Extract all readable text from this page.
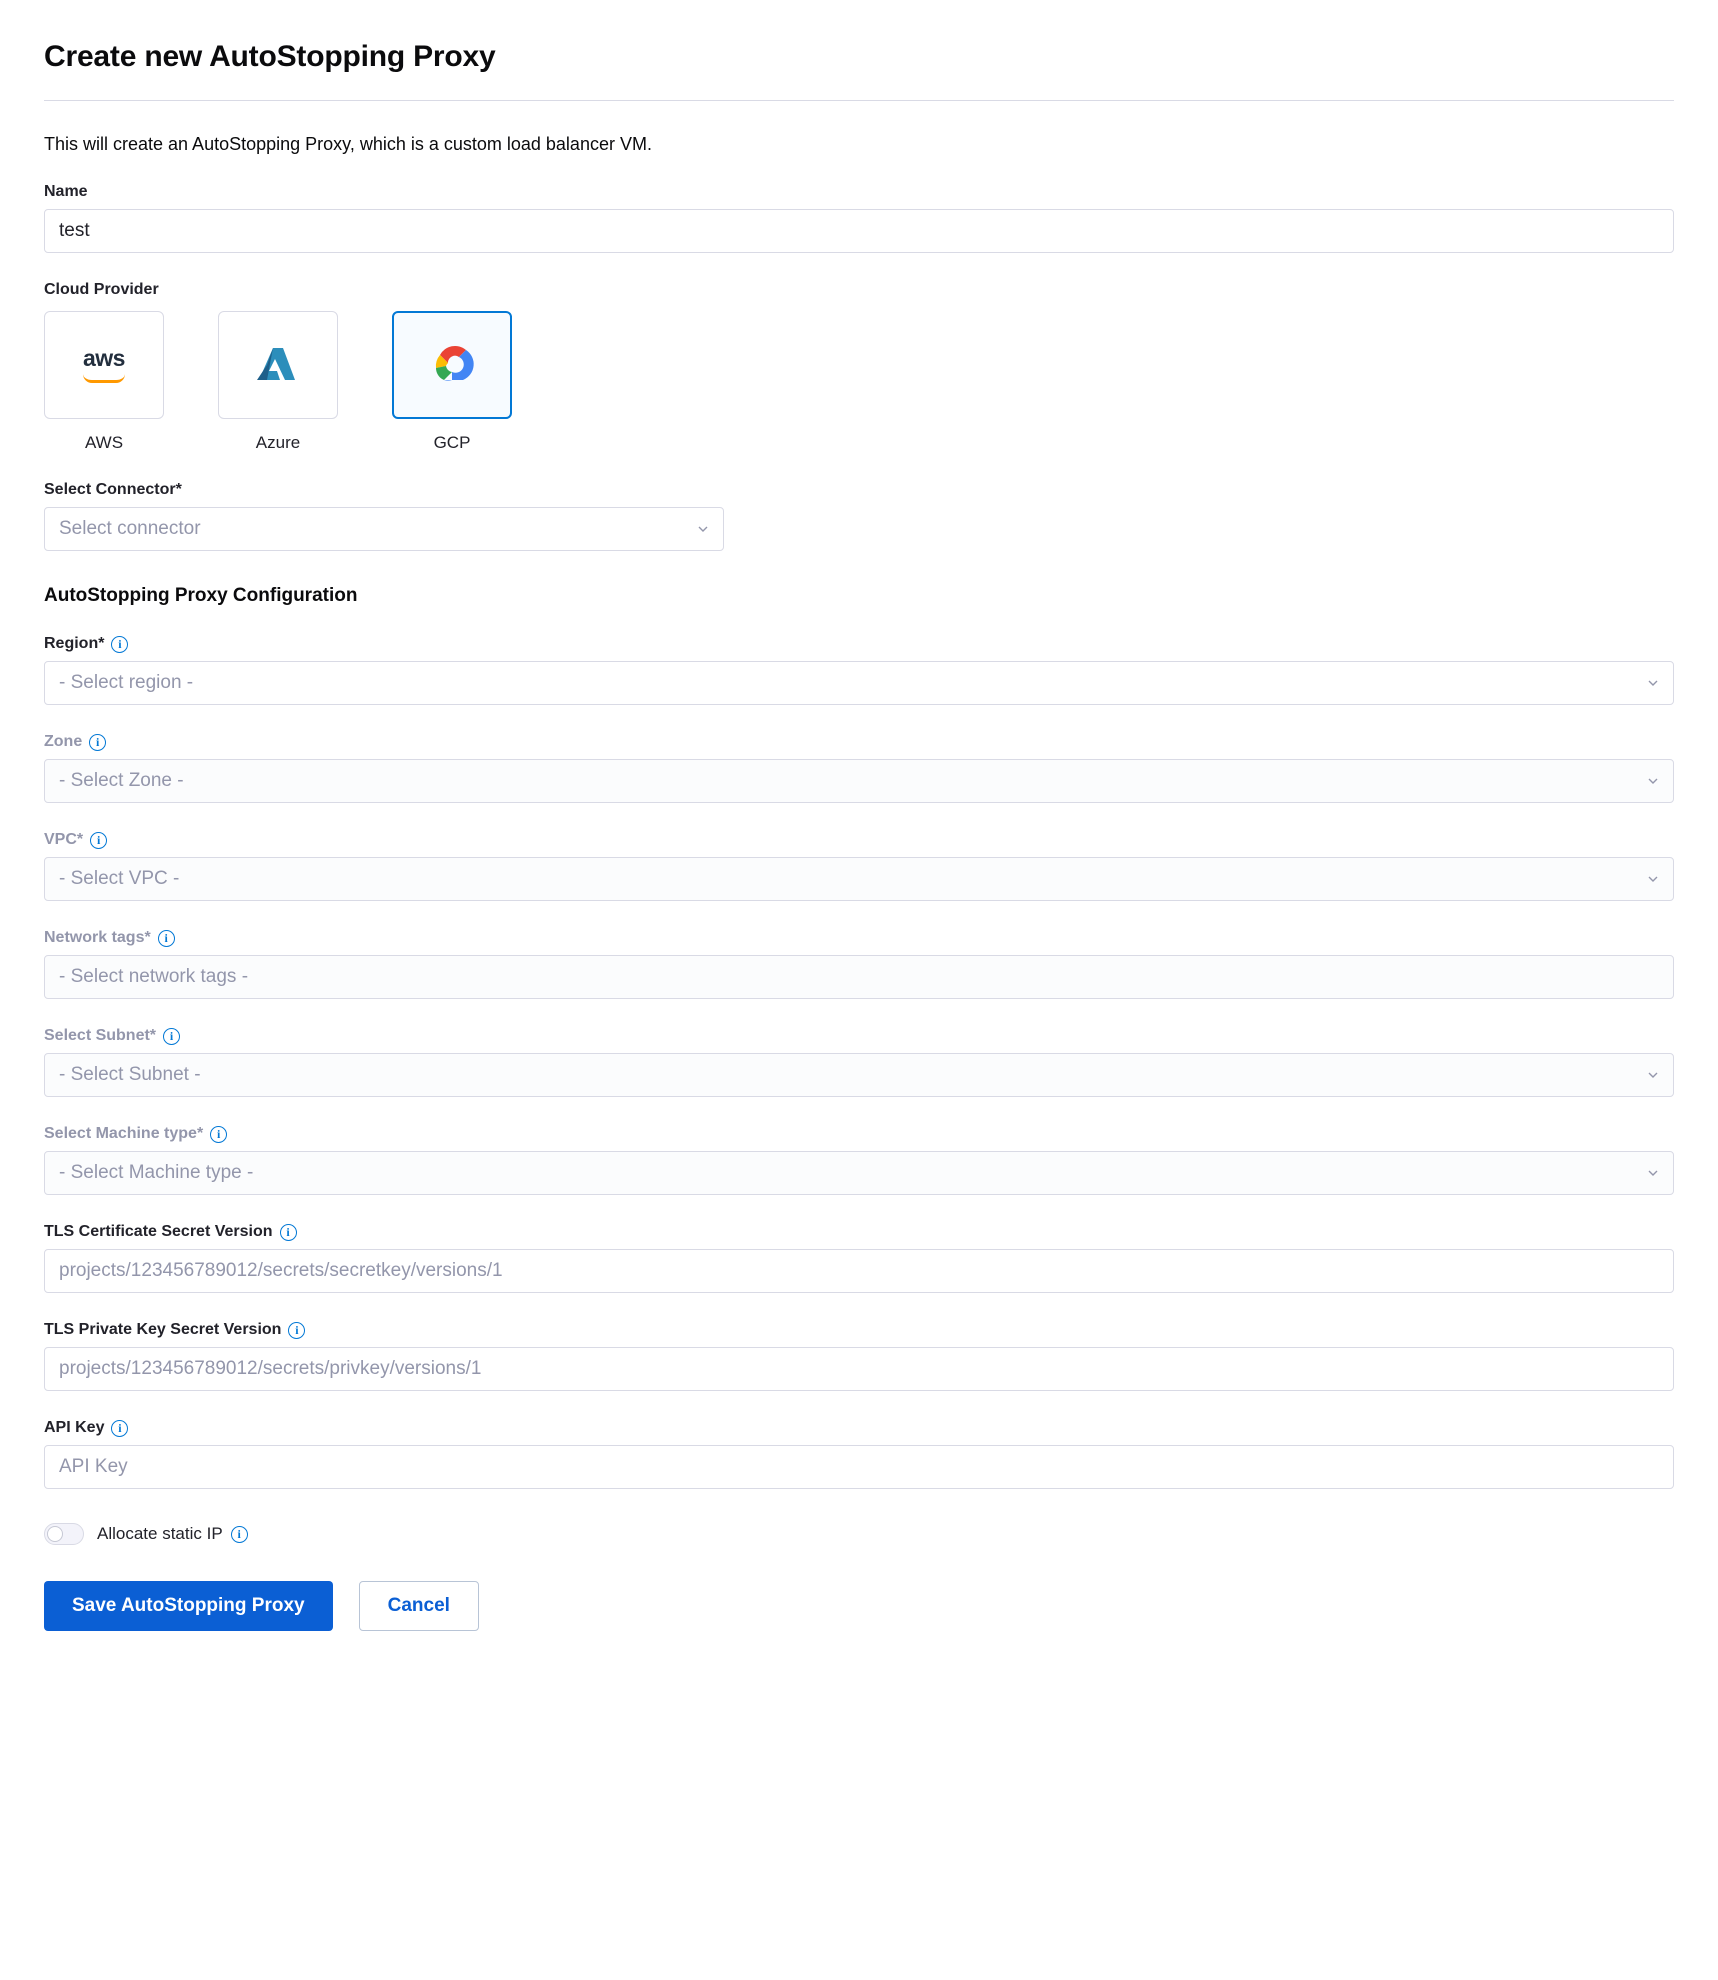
Create new AutoStopping Proxy

This will create an AutoStopping Proxy, which is a custom load balancer VM.

Name
test
Cloud Provider
aws
AWS	Azure	GCP
Select Connector*
Select connector
AutoStopping Proxy Configuration
Region*	i
- Select region -
Zone	i
- Select Zone -
VPC*	i
- Select VPC -
Network tags*	i
- Select network tags -
Select Subnet*	i
- Select Subnet -
Select Machine type*	i
- Select Machine type -
TLS Certificate Secret Version	i
projects/123456789012/secrets/secretkey/versions/1
TLS Private Key Secret Version	i
projects/123456789012/secrets/privkey/versions/1
API Key	i
API Key
Allocate static IP	i
Save AutoStopping Proxy	Cancel
